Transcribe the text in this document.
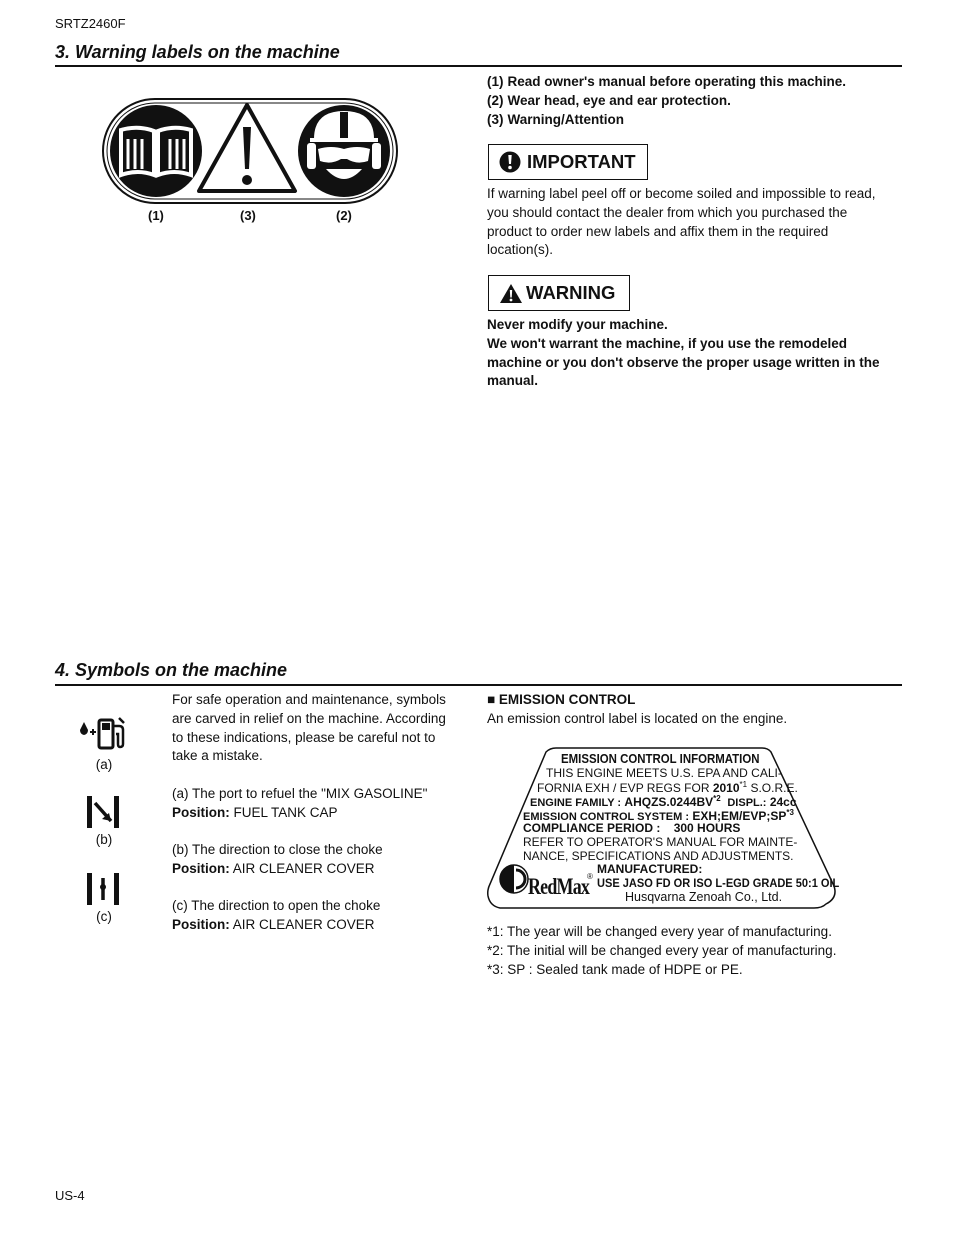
SRTZ2460F
3. Warning labels on the machine
(1)	(3)	(2)
(1) Read owner's manual before operating this machine.
(2) Wear head, eye and ear protection.
(3) Warning/Attention
IMPORTANT
If warning label peel off or become soiled and impossible to read,
you should contact the dealer from which you purchased the
product to order new labels and affix them in the required
location(s).
WARNING
Never modify your machine.
We won't warrant the machine, if you use the remodeled
machine or you don't observe the proper usage written in the
manual.
4. Symbols on the machine
(a)
(b)
(c)
For safe operation and maintenance, symbols
are carved in relief on the machine. According
to these indications, please be careful not to
take a mistake.
(a) The port to refuel the "MIX GASOLINE"
Position: FUEL TANK CAP
(b) The direction to close the choke
Position: AIR CLEANER COVER
(c) The direction to open the choke
Position: AIR CLEANER COVER
■ EMISSION CONTROL
An emission control label is located on the engine.
EMISSION CONTROL INFORMATION
THIS ENGINE MEETS U.S. EPA AND CALI-
FORNIA EXH / EVP REGS FOR 2010$^{*1}$ S.O.R.E.
ENGINE FAMILY : AHQZS.0244BV$^{*2}$ DISPL.: 24cc
EMISSION CONTROL SYSTEM : EXH;EM/EVP;SP$^{*3}$
COMPLIANCE PERIOD : 300 HOURS
REFER TO OPERATOR'S MANUAL FOR MAINTE-
NANCE, SPECIFICATIONS AND ADJUSTMENTS.
MANUFACTURED:
USE JASO FD OR ISO L-EGD GRADE 50:1 OIL
Husqvarna Zenoah Co., Ltd.
RedMax
®
*1: The year will be changed every year of manufacturing.
*2: The initial will be changed every year of manufacturing.
*3: SP : Sealed tank made of HDPE or PE.
US-4
